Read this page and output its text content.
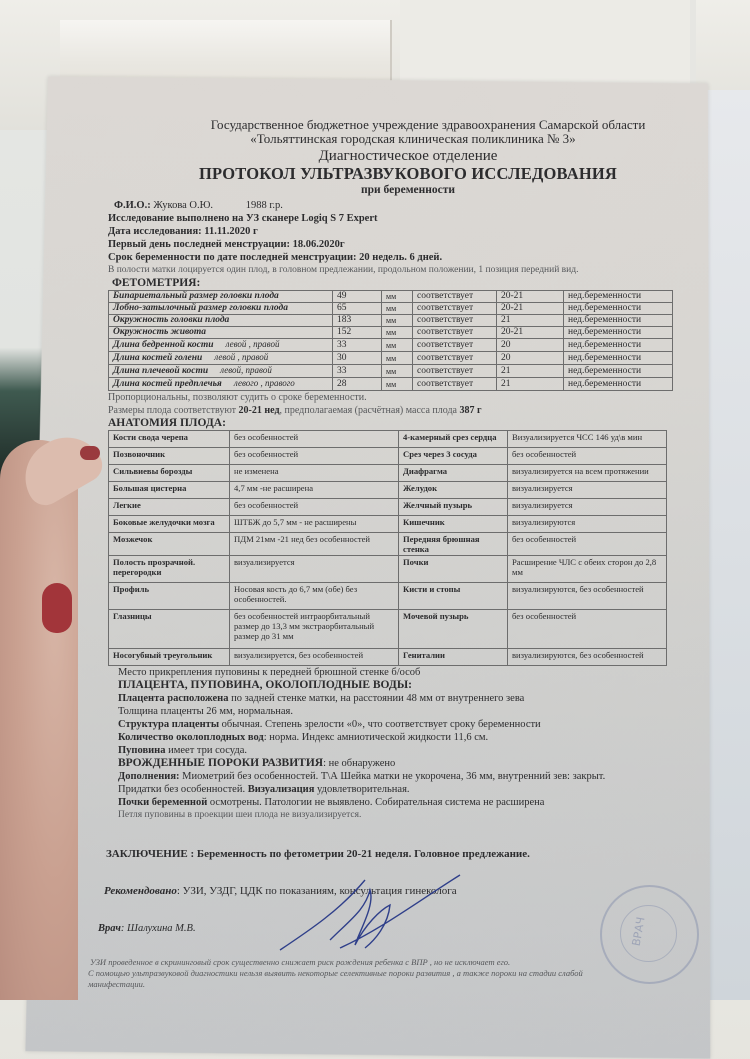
ВРАЧ
Государственное бюджетное учреждение здравоохранения Самарской области
«Тольяттинская городская клиническая поликлиника № 3»
Диагностическое отделение
ПРОТОКОЛ УЛЬТРАЗВУКОВОГО ИССЛЕДОВАНИЯ
при беременности
Ф.И.О.: Жукова О.Ю.	1988 г.р.
Исследование выполнено на УЗ сканере Logiq S 7 Expert
Дата исследования: 11.11.2020 г
Первый день последней менструации: 18.06.2020г
Срок беременности по дате последней менструации: 20 недель. 6 дней.
В полости матки лоцируется один плод, в головном предлежании, продольном положении, 1 позиция передний вид.
ФЕТОМЕТРИЯ:
Бипариетальный размер головки плода	49	мм	соответствует	20-21	нед.беременности
Лобно-затылочный размер головки плода	65	мм	соответствует	20-21	нед.беременности
Окружность головки плода	183	мм	соответствует	21	нед.беременности
Окружность живота	152	мм	соответствует	20-21	нед.беременности
Длина бедренной кости левой , правой	33	мм	соответствует	20	нед.беременности
Длина костей голени левой , правой	30	мм	соответствует	20	нед.беременности
Длина плечевой кости левой, правой	33	мм	соответствует	21	нед.беременности
Длина костей предплечья левого , правого	28	мм	соответствует	21	нед.беременности
Пропорциональны, позволяют судить о сроке беременности.
Размеры плода соответствуют 20-21 нед, предполагаемая (расчётная) масса плода 387 г
АНАТОМИЯ ПЛОДА:
Кости свода черепа	без особенностей	4-камерный срез сердца	Визуализируется ЧСС 146 уд\в мин
Позвоночник	без особенностей	Срез через 3 сосуда	без особенностей
Сильвиевы борозды	не изменена	Диафрагма	визуализируется на всем протяжении
Большая цистерна	4,7 мм -не расширена	Желудок	визуализируется
Легкие	без особенностей	Желчный пузырь	визуализируется
Боковые желудочки мозга	ШТБЖ до 5,7 мм - не расширены	Кишечник	визуализируются
Мозжечок	ПДМ 21мм -21 нед без особенностей	Передняя брюшная стенка	без особенностей
Полость прозрачной. перегородки	визуализируется	Почки	Расширение ЧЛС с обеих сторон до 2,8 мм
Профиль	Носовая кость до 6,7 мм (обе) без особенностей.	Кисти и стопы	визуализируются, без особенностей
Глазницы	без особенностей интраорбитальный размер до 13,3 мм экстраорбитальный размер до 31 мм	Мочевой пузырь	без особенностей
Носогубный треугольник	визуализируется, без особенностей	Гениталии	визуализируются, без особенностей
Место прикрепления пуповины к передней брюшной стенке б/особ
ПЛАЦЕНТА, ПУПОВИНА, ОКОЛОПЛОДНЫЕ ВОДЫ:
Плацента расположена по задней стенке матки, на расстоянии 48 мм от внутреннего зева
Толщина плаценты 26 мм, нормальная.
Структура плаценты обычная. Степень зрелости «0», что соответствует сроку беременности
Количество околоплодных вод: норма. Индекс амниотической жидкости 11,6 см.
Пуповина имеет три сосуда.
ВРОЖДЕННЫЕ ПОРОКИ РАЗВИТИЯ: не обнаружено
Дополнения: Миометрий без особенностей. Т\А Шейка матки не укорочена, 36 мм, внутренний зев: закрыт.
Придатки без особенностей. Визуализация удовлетворительная.
Почки беременной осмотрены. Патологии не выявлено. Собирательная система не расширена
Петля пуповины в проекции шеи плода не визуализируется.
ЗАКЛЮЧЕНИЕ : Беременность по фетометрии 20-21 неделя. Головное предлежание.
Рекомендовано: УЗИ, УЗДГ, ЦДК по показаниям, консультация гинеколога
Врач: Шалухина М.В.
УЗИ проведенное в скрининговый срок существенно снижает риск рождения ребенка с ВПР , но не исключает его.
С помощью ультразвуковой диагностики нельзя выявить некоторые селективные пороки развития , а также пороки на стадии слабой
манифестации.
